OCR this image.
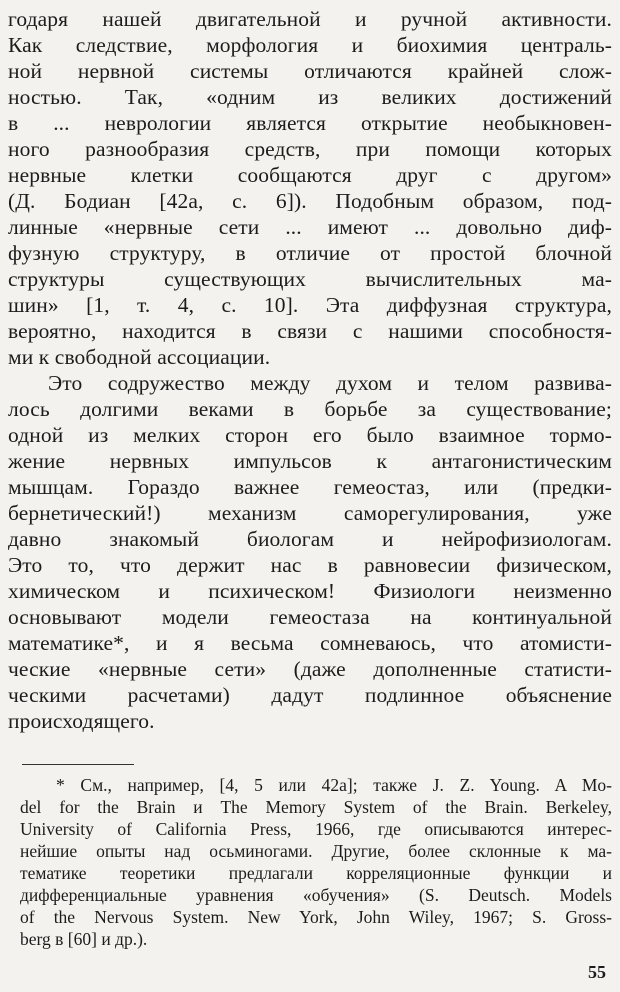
годаря нашей двигательной и ручной активности.
Как следствие, морфология и биохимия централь-
ной нервной системы отличаются крайней слож-
ностью. Так, «одним из великих достижений
в ... неврологии является открытие необыкновен-
ного разнообразия средств, при помощи которых
нервные клетки сообщаются друг с другом»
(Д. Бодиан [42а, с. 6]). Подобным образом, под-
линные «нервные сети ... имеют ... довольно диф-
фузную структуру, в отличие от простой блочной
структуры существующих вычислительных ма-
шин» [1, т. 4, с. 10]. Эта диффузная структура,
вероятно, находится в связи с нашими способностя-
ми к свободной ассоциации.
Это содружество между духом и телом развива-
лось долгими веками в борьбе за существование;
одной из мелких сторон его было взаимное тормо-
жение нервных импульсов к антагонистическим
мышцам. Гораздо важнее гемеостаз, или (предки-
бернетический!) механизм саморегулирования, уже
давно знакомый биологам и нейрофизиологам.
Это то, что держит нас в равновесии физическом,
химическом и психическом! Физиологи неизменно
основывают модели гемеостаза на континуальной
математике*, и я весьма сомневаюсь, что атомисти-
ческие «нервные сети» (даже дополненные статисти-
ческими расчетами) дадут подлинное объяснение
происходящего.
* См., например, [4, 5 или 42а]; также J. Z. Young. A Mo-
del for the Brain и The Memory System of the Brain. Berkeley,
University of California Press, 1966, где описываются интерес-
нейшие опыты над осьминогами. Другие, более склонные к ма-
тематике теоретики предлагали корреляционные функции и
дифференциальные уравнения «обучения» (S. Deutsch. Models
of the Nervous System. New York, John Wiley, 1967; S. Gross-
berg в [60] и др.).
55
